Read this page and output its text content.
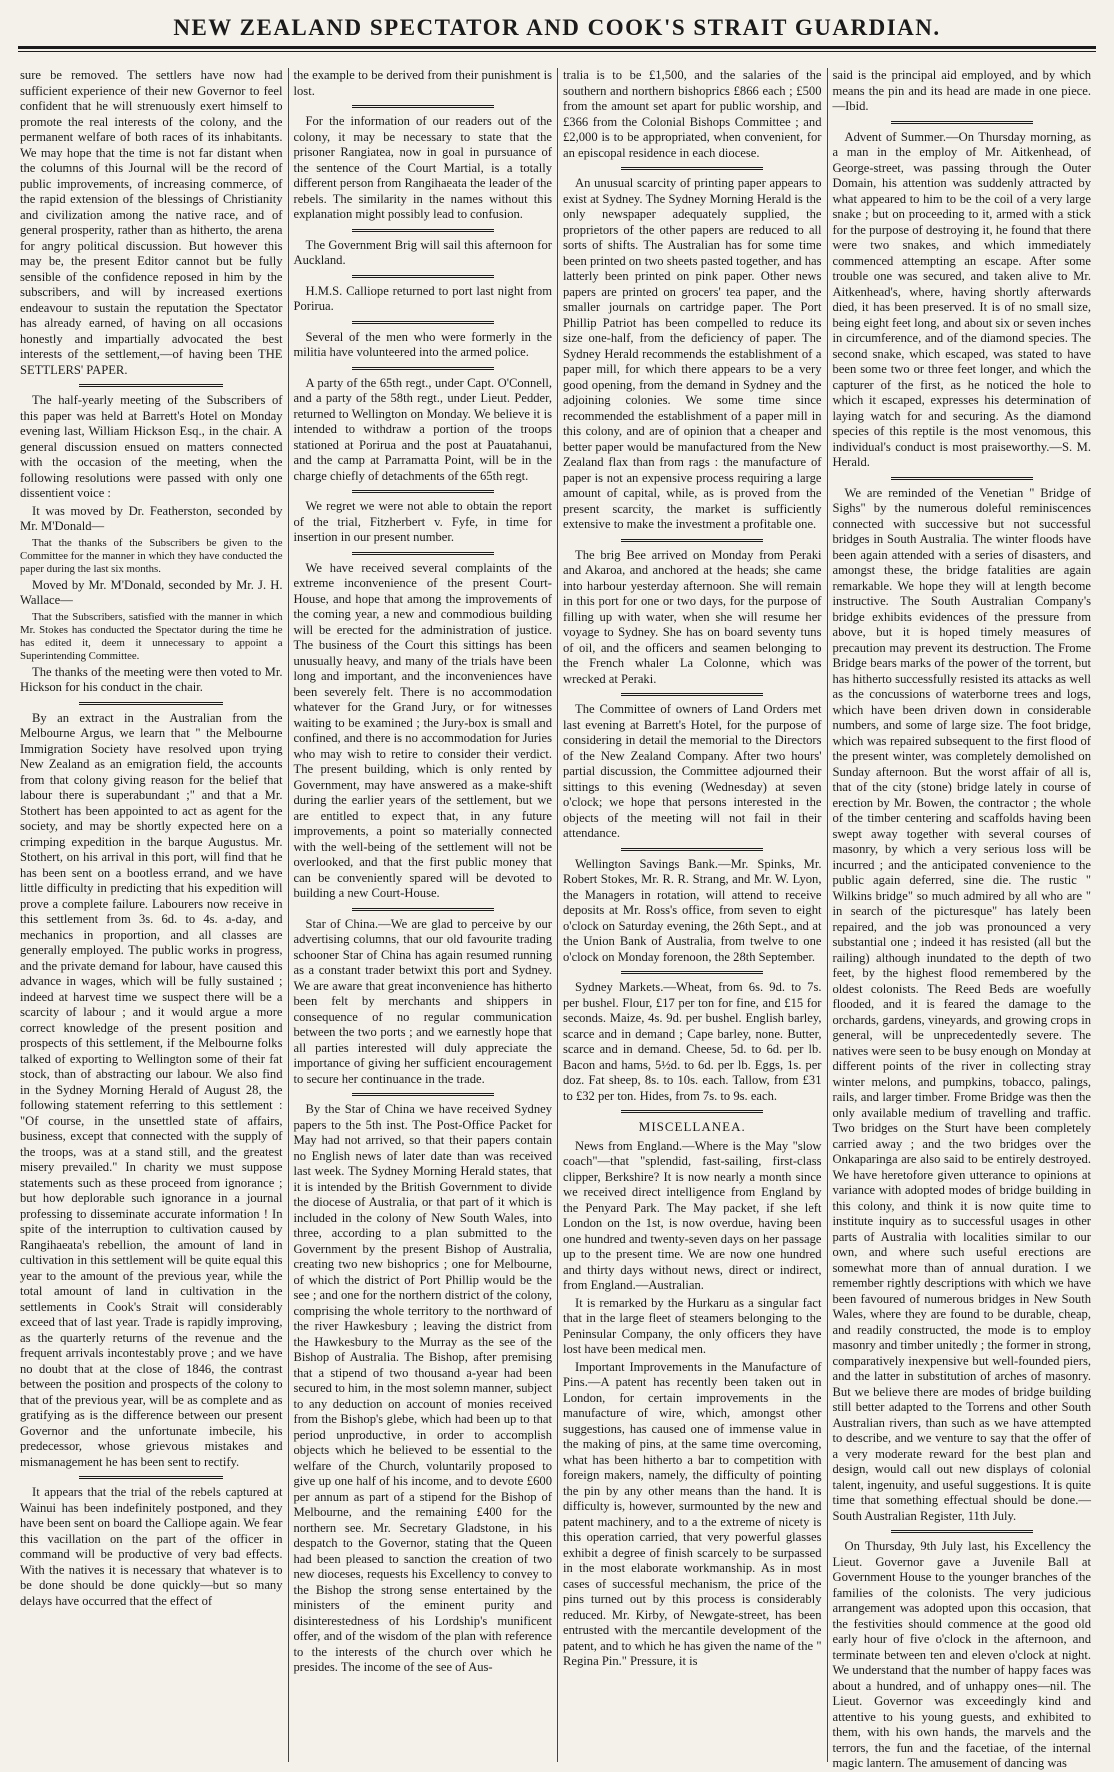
NEW ZEALAND SPECTATOR AND COOK'S STRAIT GUARDIAN.

sure be removed. The settlers have now had sufficient experience of their new Governor to feel confident that he will strenuously exert himself to promote the real interests of the colony, and the permanent welfare of both races of its inhabitants. We may hope that the time is not far distant when the columns of this Journal will be the record of public improvements, of increasing commerce, of the rapid extension of the blessings of Christianity and civilization among the native race, and of general prosperity, rather than as hitherto, the arena for angry political discussion. But however this may be, the present Editor cannot but be fully sensible of the confidence reposed in him by the subscribers, and will by increased exertions endeavour to sustain the reputation the Spectator has already earned, of having on all occasions honestly and impartially advocated the best interests of the settlement,—of having been THE SETTLERS' PAPER.

The half-yearly meeting of the Subscribers of this paper was held at Barrett's Hotel on Monday evening last, William Hickson Esq., in the chair. A general discussion ensued on matters connected with the occasion of the meeting, when the following resolutions were passed with only one dissentient voice :

It was moved by Dr. Featherston, seconded by Mr. M'Donald—

That the thanks of the Subscribers be given to the Committee for the manner in which they have conducted the paper during the last six months.

Moved by Mr. M'Donald, seconded by Mr. J. H. Wallace—

That the Subscribers, satisfied with the manner in which Mr. Stokes has conducted the Spectator during the time he has edited it, deem it unnecessary to appoint a Superintending Committee.

The thanks of the meeting were then voted to Mr. Hickson for his conduct in the chair.

By an extract in the Australian from the Melbourne Argus, we learn that " the Melbourne Immigration Society have resolved upon trying New Zealand as an emigration field, the accounts from that colony giving reason for the belief that labour there is superabundant ;" and that a Mr. Stothert has been appointed to act as agent for the society, and may be shortly expected here on a crimping expedition in the barque Augustus. Mr. Stothert, on his arrival in this port, will find that he has been sent on a bootless errand, and we have little difficulty in predicting that his expedition will prove a complete failure. Labourers now receive in this settlement from 3s. 6d. to 4s. a-day, and mechanics in proportion, and all classes are generally employed. The public works in progress, and the private demand for labour, have caused this advance in wages, which will be fully sustained ; indeed at harvest time we suspect there will be a scarcity of labour ; and it would argue a more correct knowledge of the present position and prospects of this settlement, if the Melbourne folks talked of exporting to Wellington some of their fat stock, than of abstracting our labour. We also find in the Sydney Morning Herald of August 28, the following statement referring to this settlement : "Of course, in the unsettled state of affairs, business, except that connected with the supply of the troops, was at a stand still, and the greatest misery prevailed." In charity we must suppose statements such as these proceed from ignorance ; but how deplorable such ignorance in a journal professing to disseminate accurate information ! In spite of the interruption to cultivation caused by Rangihaeata's rebellion, the amount of land in cultivation in this settlement will be quite equal this year to the amount of the previous year, while the total amount of land in cultivation in the settlements in Cook's Strait will considerably exceed that of last year. Trade is rapidly improving, as the quarterly returns of the revenue and the frequent arrivals incontestably prove ; and we have no doubt that at the close of 1846, the contrast between the position and prospects of the colony to that of the previous year, will be as complete and as gratifying as is the difference between our present Governor and the unfortunate imbecile, his predecessor, whose grievous mistakes and mismanagement he has been sent to rectify.

It appears that the trial of the rebels captured at Wainui has been indefinitely postponed, and they have been sent on board the Calliope again. We fear this vacillation on the part of the officer in command will be productive of very bad effects. With the natives it is necessary that whatever is to be done should be done quickly—but so many delays have occurred that the effect of

the example to be derived from their punishment is lost.

For the information of our readers out of the colony, it may be necessary to state that the prisoner Rangiatea, now in goal in pursuance of the sentence of the Court Martial, is a totally different person from Rangihaeata the leader of the rebels. The similarity in the names without this explanation might possibly lead to confusion.

The Government Brig will sail this afternoon for Auckland.

H.M.S. Calliope returned to port last night from Porirua.

Several of the men who were formerly in the militia have volunteered into the armed police.

A party of the 65th regt., under Capt. O'Connell, and a party of the 58th regt., under Lieut. Pedder, returned to Wellington on Monday. We believe it is intended to withdraw a portion of the troops stationed at Porirua and the post at Pauatahanui, and the camp at Parramatta Point, will be in the charge chiefly of detachments of the 65th regt.

We regret we were not able to obtain the report of the trial, Fitzherbert v. Fyfe, in time for insertion in our present number.

We have received several complaints of the extreme inconvenience of the present Court-House, and hope that among the improvements of the coming year, a new and commodious building will be erected for the administration of justice. The business of the Court this sittings has been unusually heavy, and many of the trials have been long and important, and the inconveniences have been severely felt. There is no accommodation whatever for the Grand Jury, or for witnesses waiting to be examined ; the Jury-box is small and confined, and there is no accommodation for Juries who may wish to retire to consider their verdict. The present building, which is only rented by Government, may have answered as a make-shift during the earlier years of the settlement, but we are entitled to expect that, in any future improvements, a point so materially connected with the well-being of the settlement will not be overlooked, and that the first public money that can be conveniently spared will be devoted to building a new Court-House.

Star of China.—We are glad to perceive by our advertising columns, that our old favourite trading schooner Star of China has again resumed running as a constant trader betwixt this port and Sydney. We are aware that great inconvenience has hitherto been felt by merchants and shippers in consequence of no regular communication between the two ports ; and we earnestly hope that all parties interested will duly appreciate the importance of giving her sufficient encouragement to secure her continuance in the trade.

By the Star of China we have received Sydney papers to the 5th inst. The Post-Office Packet for May had not arrived, so that their papers contain no English news of later date than was received last week. The Sydney Morning Herald states, that it is intended by the British Government to divide the diocese of Australia, or that part of it which is included in the colony of New South Wales, into three, according to a plan submitted to the Government by the present Bishop of Australia, creating two new bishoprics ; one for Melbourne, of which the district of Port Phillip would be the see ; and one for the northern district of the colony, comprising the whole territory to the northward of the river Hawkesbury ; leaving the district from the Hawkesbury to the Murray as the see of the Bishop of Australia. The Bishop, after premising that a stipend of two thousand a-year had been secured to him, in the most solemn manner, subject to any deduction on account of monies received from the Bishop's glebe, which had been up to that period unproductive, in order to accomplish objects which he believed to be essential to the welfare of the Church, voluntarily proposed to give up one half of his income, and to devote £600 per annum as part of a stipend for the Bishop of Melbourne, and the remaining £400 for the northern see. Mr. Secretary Gladstone, in his despatch to the Governor, stating that the Queen had been pleased to sanction the creation of two new dioceses, requests his Excellency to convey to the Bishop the strong sense entertained by the ministers of the eminent purity and disinterestedness of his Lordship's munificent offer, and of the wisdom of the plan with reference to the interests of the church over which he presides. The income of the see of Aus-

tralia is to be £1,500, and the salaries of the southern and northern bishoprics £866 each ; £500 from the amount set apart for public worship, and £366 from the Colonial Bishops Committee ; and £2,000 is to be appropriated, when convenient, for an episcopal residence in each diocese.

An unusual scarcity of printing paper appears to exist at Sydney. The Sydney Morning Herald is the only newspaper adequately supplied, the proprietors of the other papers are reduced to all sorts of shifts. The Australian has for some time been printed on two sheets pasted together, and has latterly been printed on pink paper. Other news papers are printed on grocers' tea paper, and the smaller journals on cartridge paper. The Port Phillip Patriot has been compelled to reduce its size one-half, from the deficiency of paper. The Sydney Herald recommends the establishment of a paper mill, for which there appears to be a very good opening, from the demand in Sydney and the adjoining colonies. We some time since recommended the establishment of a paper mill in this colony, and are of opinion that a cheaper and better paper would be manufactured from the New Zealand flax than from rags : the manufacture of paper is not an expensive process requiring a large amount of capital, while, as is proved from the present scarcity, the market is sufficiently extensive to make the investment a profitable one.

The brig Bee arrived on Monday from Peraki and Akaroa, and anchored at the heads; she came into harbour yesterday afternoon. She will remain in this port for one or two days, for the purpose of filling up with water, when she will resume her voyage to Sydney. She has on board seventy tuns of oil, and the officers and seamen belonging to the French whaler La Colonne, which was wrecked at Peraki.

The Committee of owners of Land Orders met last evening at Barrett's Hotel, for the purpose of considering in detail the memorial to the Directors of the New Zealand Company. After two hours' partial discussion, the Committee adjourned their sittings to this evening (Wednesday) at seven o'clock; we hope that persons interested in the objects of the meeting will not fail in their attendance.

Wellington Savings Bank.—Mr. Spinks, Mr. Robert Stokes, Mr. R. R. Strang, and Mr. W. Lyon, the Managers in rotation, will attend to receive deposits at Mr. Ross's office, from seven to eight o'clock on Saturday evening, the 26th Sept., and at the Union Bank of Australia, from twelve to one o'clock on Monday forenoon, the 28th September.

Sydney Markets.—Wheat, from 6s. 9d. to 7s. per bushel. Flour, £17 per ton for fine, and £15 for seconds. Maize, 4s. 9d. per bushel. English barley, scarce and in demand ; Cape barley, none. Butter, scarce and in demand. Cheese, 5d. to 6d. per lb. Bacon and hams, 5½d. to 6d. per lb. Eggs, 1s. per doz. Fat sheep, 8s. to 10s. each. Tallow, from £31 to £32 per ton. Hides, from 7s. to 9s. each.

MISCELLANEA.

News from England.—Where is the May "slow coach"—that "splendid, fast-sailing, first-class clipper, Berkshire? It is now nearly a month since we received direct intelligence from England by the Penyard Park. The May packet, if she left London on the 1st, is now overdue, having been one hundred and twenty-seven days on her passage up to the present time. We are now one hundred and thirty days without news, direct or indirect, from England.—Australian.

It is remarked by the Hurkaru as a singular fact that in the large fleet of steamers belonging to the Peninsular Company, the only officers they have lost have been medical men.

Important Improvements in the Manufacture of Pins.—A patent has recently been taken out in London, for certain improvements in the manufacture of wire, which, amongst other suggestions, has caused one of immense value in the making of pins, at the same time overcoming, what has been hitherto a bar to competition with foreign makers, namely, the difficulty of pointing the pin by any other means than the hand. It is difficulty is, however, surmounted by the new and patent machinery, and to a the extreme of nicety is this operation carried, that very powerful glasses exhibit a degree of finish scarcely to be surpassed in the most elaborate workmanship. As in most cases of successful mechanism, the price of the pins turned out by this process is considerably reduced. Mr. Kirby, of Newgate-street, has been entrusted with the mercantile development of the patent, and to which he has given the name of the " Regina Pin." Pressure, it is

said is the principal aid employed, and by which means the pin and its head are made in one piece.—Ibid.

Advent of Summer.—On Thursday morning, as a man in the employ of Mr. Aitkenhead, of George-street, was passing through the Outer Domain, his attention was suddenly attracted by what appeared to him to be the coil of a very large snake ; but on proceeding to it, armed with a stick for the purpose of destroying it, he found that there were two snakes, and which immediately commenced attempting an escape. After some trouble one was secured, and taken alive to Mr. Aitkenhead's, where, having shortly afterwards died, it has been preserved. It is of no small size, being eight feet long, and about six or seven inches in circumference, and of the diamond species. The second snake, which escaped, was stated to have been some two or three feet longer, and which the capturer of the first, as he noticed the hole to which it escaped, expresses his determination of laying watch for and securing. As the diamond species of this reptile is the most venomous, this individual's conduct is most praiseworthy.—S. M. Herald.

We are reminded of the Venetian " Bridge of Sighs" by the numerous doleful reminiscences connected with successive but not successful bridges in South Australia. The winter floods have been again attended with a series of disasters, and amongst these, the bridge fatalities are again remarkable. We hope they will at length become instructive. The South Australian Company's bridge exhibits evidences of the pressure from above, but it is hoped timely measures of precaution may prevent its destruction. The Frome Bridge bears marks of the power of the torrent, but has hitherto successfully resisted its attacks as well as the concussions of waterborne trees and logs, which have been driven down in considerable numbers, and some of large size. The foot bridge, which was repaired subsequent to the first flood of the present winter, was completely demolished on Sunday afternoon. But the worst affair of all is, that of the city (stone) bridge lately in course of erection by Mr. Bowen, the contractor ; the whole of the timber centering and scaffolds having been swept away together with several courses of masonry, by which a very serious loss will be incurred ; and the anticipated convenience to the public again deferred, sine die. The rustic " Wilkins bridge" so much admired by all who are " in search of the picturesque" has lately been repaired, and the job was pronounced a very substantial one ; indeed it has resisted (all but the railing) although inundated to the depth of two feet, by the highest flood remembered by the oldest colonists. The Reed Beds are woefully flooded, and it is feared the damage to the orchards, gardens, vineyards, and growing crops in general, will be unprecedentedly severe. The natives were seen to be busy enough on Monday at different points of the river in collecting stray winter melons, and pumpkins, tobacco, palings, rails, and larger timber. Frome Bridge was then the only available medium of travelling and traffic. Two bridges on the Sturt have been completely carried away ; and the two bridges over the Onkaparinga are also said to be entirely destroyed. We have heretofore given utterance to opinions at variance with adopted modes of bridge building in this colony, and think it is now quite time to institute inquiry as to successful usages in other parts of Australia with localities similar to our own, and where such useful erections are somewhat more than of annual duration. I we remember rightly descriptions with which we have been favoured of numerous bridges in New South Wales, where they are found to be durable, cheap, and readily constructed, the mode is to employ masonry and timber unitedly ; the former in strong, comparatively inexpensive but well-founded piers, and the latter in substitution of arches of masonry. But we believe there are modes of bridge building still better adapted to the Torrens and other South Australian rivers, than such as we have attempted to describe, and we venture to say that the offer of a very moderate reward for the best plan and design, would call out new displays of colonial talent, ingenuity, and useful suggestions. It is quite time that something effectual should be done.—South Australian Register, 11th July.

On Thursday, 9th July last, his Excellency the Lieut. Governor gave a Juvenile Ball at Government House to the younger branches of the families of the colonists. The very judicious arrangement was adopted upon this occasion, that the festivities should commence at the good old early hour of five o'clock in the afternoon, and terminate between ten and eleven o'clock at night. We understand that the number of happy faces was about a hundred, and of unhappy ones—nil. The Lieut. Governor was exceedingly kind and attentive to his young guests, and exhibited to them, with his own hands, the marvels and the terrors, the fun and the facetiae, of the internal magic lantern. The amusement of dancing was
